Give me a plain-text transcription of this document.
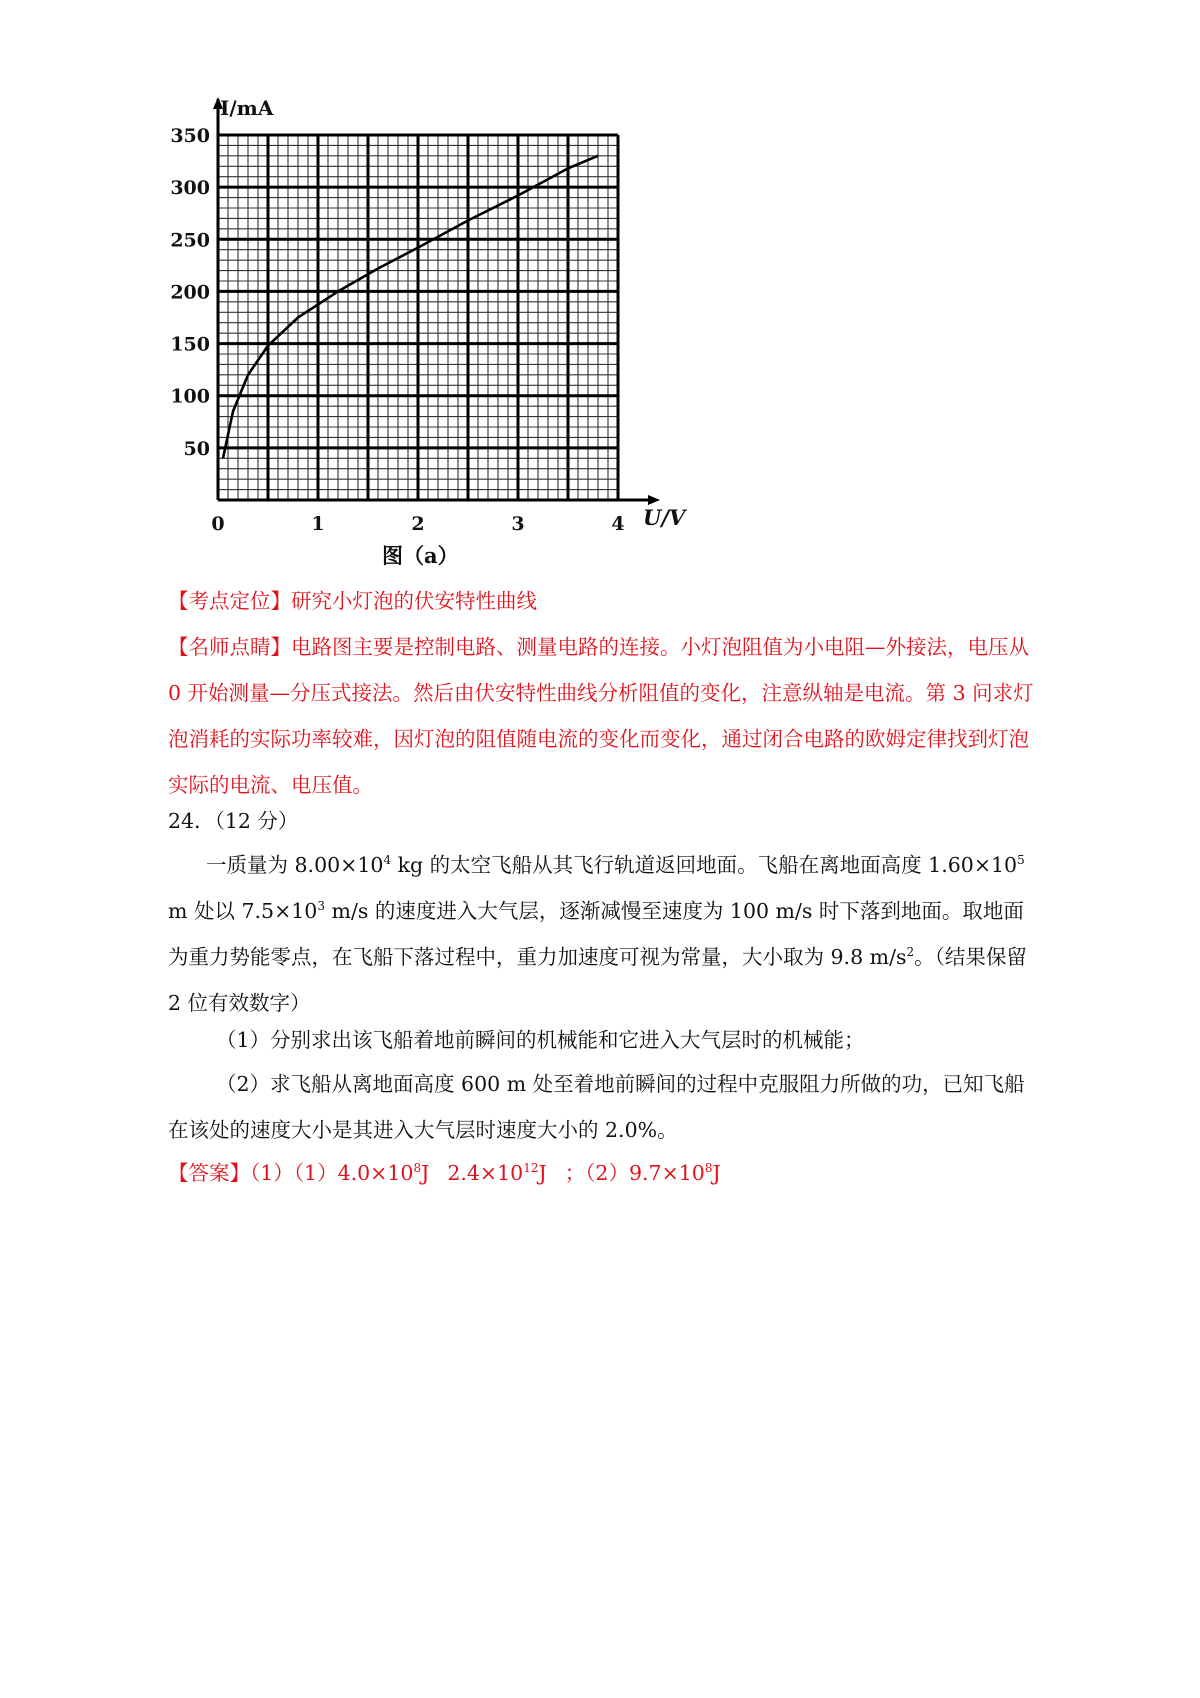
50
100
150
200
250
300
350
0	1	2	3	4
I/mA
U/V
图（a）

【考点定位】研究小灯泡的伏安特性曲线

【名师点睛】电路图主要是控制电路、测量电路的连接。小灯泡阻值为小电阻—外接法，电压从 0 开始测量—分压式接法。然后由伏安特性曲线分析阻值的变化，注意纵轴是电流。第 3 问求灯泡消耗的实际功率较难，因灯泡的阻值随电流的变化而变化，通过闭合电路的欧姆定律找到灯泡实际的电流、电压值。

24．（12 分）

一质量为 $8.00\times 10^4$ kg 的太空飞船从其飞行轨道返回地面。飞船在离地面高度 $1.60\times 10^5$ m 处以 $7.5\times 10^3$ m/s 的速度进入大气层，逐渐减慢至速度为 100 m/s 时下落到地面。取地面为重力势能零点，在飞船下落过程中，重力加速度可视为常量，大小取为 9.8 $m/s^2$。（结果保留 2 位有效数字）

（1）分别求出该飞船着地前瞬间的机械能和它进入大气层时的机械能；

（2）求飞船从离地面高度 600 m 处至着地前瞬间的过程中克服阻力所做的功，已知飞船在该处的速度大小是其进入大气层时速度大小的 2.0%。

【答案】$(1)(1)4.0\times 10^8J$ $2.4\times 10^{12}J$ ；$(2)9.7\times 10^8J$
